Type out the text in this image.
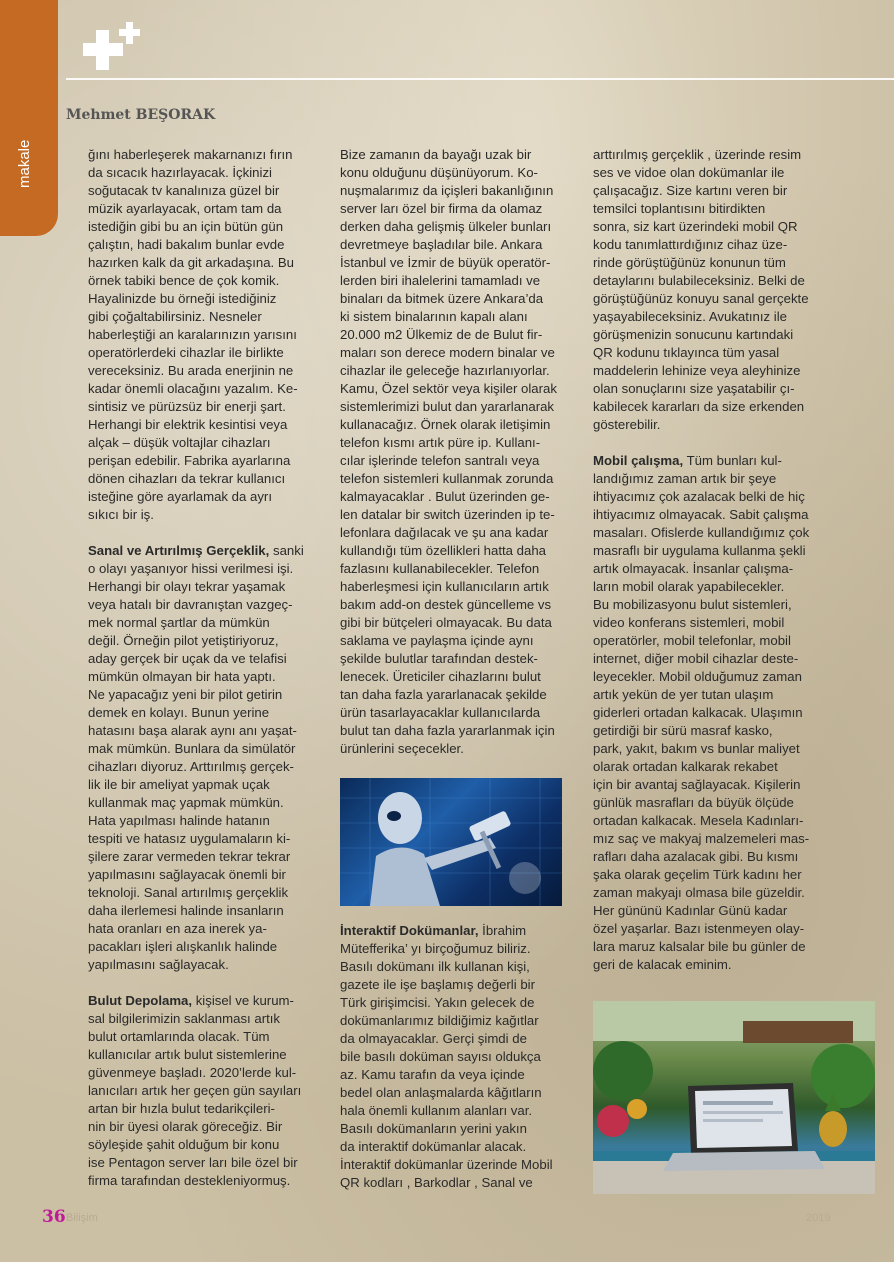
makale
Mehmet BEŞORAK

ğını haberleşerek makarnanızı fırın
da sıcacık hazırlayacak. İçkinizi
soğutacak tv kanalınıza güzel bir
müzik ayarlayacak, ortam tam da
istediğin gibi bu an için bütün gün
çalıştın, hadi bakalım bunlar evde
hazırken kalk da git arkadaşına. Bu
örnek tabiki bence de çok komik.
Hayalinizde bu örneği istediğiniz
gibi çoğaltabilirsiniz. Nesneler
haberleştiği an karalarınızın yarısını
operatörlerdeki cihazlar ile birlikte
vereceksiniz. Bu arada enerjinin ne
kadar önemli olacağını yazalım. Ke-
sintisiz ve pürüzsüz bir enerji şart.
Herhangi bir elektrik kesintisi veya
alçak – düşük voltajlar cihazları
perişan edebilir. Fabrika ayarlarına
dönen cihazları da tekrar kullanıcı
isteğine göre ayarlamak da ayrı
sıkıcı bir iş.

Sanal ve Artırılmış Gerçeklik, sanki
o olayı yaşanıyor hissi verilmesi işi.
Herhangi bir olayı tekrar yaşamak
veya hatalı bir davranıştan vazgeç-
mek normal şartlar da mümkün
değil. Örneğin pilot yetiştiriyoruz,
aday gerçek bir uçak da ve telafisi
mümkün olmayan bir hata yaptı.
Ne yapacağız yeni bir pilot getirin
demek en kolayı. Bunun yerine
hatasını başa alarak aynı anı yaşat-
mak mümkün. Bunlara da simülatör
cihazları diyoruz. Arttırılmış gerçek-
lik ile bir ameliyat yapmak uçak
kullanmak maç yapmak mümkün.
Hata yapılması halinde hatanın
tespiti ve hatasız uygulamaların ki-
şilere zarar vermeden tekrar tekrar
yapılmasını sağlayacak önemli bir
teknoloji. Sanal artırılmış gerçeklik
daha ilerlemesi halinde insanların
hata oranları en aza inerek ya-
pacakları işleri alışkanlık halinde
yapılmasını sağlayacak.

Bulut Depolama, kişisel ve kurum-
sal bilgilerimizin saklanması artık
bulut ortamlarında olacak. Tüm
kullanıcılar artık bulut sistemlerine
güvenmeye başladı. 2020’lerde kul-
lanıcıları artık her geçen gün sayıları
artan bir hızla bulut tedarikçileri-
nin bir üyesi olarak göreceğiz. Bir
söyleşide şahit olduğum bir konu
ise Pentagon server ları bile özel bir
firma tarafından destekleniyormuş.

Bize zamanın da bayağı uzak bir
konu olduğunu düşünüyorum. Ko-
nuşmalarımız da içişleri bakanlığının
server ları özel bir firma da olamaz
derken daha gelişmiş ülkeler bunları
devretmeye başladılar bile. Ankara
İstanbul ve İzmir de büyük operatör-
lerden biri ihalelerini tamamladı ve
binaları da bitmek üzere Ankara’da
ki sistem binalarının kapalı alanı
20.000 m2 Ülkemiz de de Bulut fir-
maları son derece modern binalar ve
cihazlar ile geleceğe hazırlanıyorlar.
Kamu, Özel sektör veya kişiler olarak
sistemlerimizi bulut dan yararlanarak
kullanacağız. Örnek olarak iletişimin
telefon kısmı artık püre ip. Kullanı-
cılar işlerinde telefon santralı veya
telefon sistemleri kullanmak zorunda
kalmayacaklar . Bulut üzerinden ge-
len datalar bir switch üzerinden ip te-
lefonlara dağılacak ve şu ana kadar
kullandığı tüm özellikleri hatta daha
fazlasını kullanabilecekler. Telefon
haberleşmesi için kullanıcıların artık
bakım add-on destek güncelleme vs
gibi bir bütçeleri olmayacak. Bu data
saklama ve paylaşma içinde aynı
şekilde bulutlar tarafından destek-
lenecek. Üreticiler cihazlarını bulut
tan daha fazla yararlanacak şekilde
ürün tasarlayacaklar kullanıcılarda
bulut tan daha fazla yararlanmak için
ürünlerini seçecekler.

İnteraktif Dokümanlar, İbrahim
Mütefferika’ yı birçoğumuz biliriz.
Basılı dokümanı ilk kullanan kişi,
gazete ile işe başlamış değerli bir
Türk girişimcisi. Yakın gelecek de
dokümanlarımız bildiğimiz kağıtlar
da olmayacaklar. Gerçi şimdi de
bile basılı doküman sayısı oldukça
az. Kamu tarafın da veya içinde
bedel olan anlaşmalarda kâğıtların
hala önemli kullanım alanları var.
Basılı dokümanların yerini yakın
da interaktif dokümanlar alacak.
İnteraktif dokümanlar üzerinde Mobil
QR kodları , Barkodlar , Sanal ve

arttırılmış gerçeklik , üzerinde resim
ses ve vidoe olan dokümanlar ile
çalışacağız. Size kartını veren bir
temsilci toplantısını bitirdikten
sonra, siz kart üzerindeki mobil QR
kodu tanımlattırdığınız cihaz üze-
rinde görüştüğünüz konunun tüm
detaylarını bulabileceksiniz. Belki de
görüştüğünüz konuyu sanal gerçekte
yaşayabileceksiniz. Avukatınız ile
görüşmenizin sonucunu kartındaki
QR kodunu tıklayınca tüm yasal
maddelerin lehinize veya aleyhinize
olan sonuçlarını size yaşatabilir çı-
kabilecek kararları da size erkenden
gösterebilir.

Mobil çalışma, Tüm bunları kul-
landığımız zaman artık bir şeye
ihtiyacımız çok azalacak belki de hiç
ihtiyacımız olmayacak. Sabit çalışma
masaları. Ofislerde kullandığımız çok
masraflı bir uygulama kullanma şekli
artık olmayacak. İnsanlar çalışma-
ların mobil olarak yapabilecekler.
Bu mobilizasyonu bulut sistemleri,
video konferans sistemleri, mobil
operatörler, mobil telefonlar, mobil
internet, diğer mobil cihazlar deste-
leyecekler. Mobil olduğumuz zaman
artık yekün de yer tutan ulaşım
giderleri ortadan kalkacak. Ulaşımın
getirdiği bir sürü masraf kasko,
park, yakıt, bakım vs bunlar maliyet
olarak ortadan kalkarak rekabet
için bir avantaj sağlayacak. Kişilerin
günlük masrafları da büyük ölçüde
ortadan kalkacak. Mesela Kadınları-
mız saç ve makyaj malzemeleri mas-
rafları daha azalacak gibi. Bu kısmı
şaka olarak geçelim Türk kadını her
zaman makyajı olmasa bile güzeldir.
Her gününü Kadınlar Günü kadar
özel yaşarlar. Bazı istenmeyen olay-
lara maruz kalsalar bile bu günler de
geri de kalacak eminim.

36 Bilişim	2019
